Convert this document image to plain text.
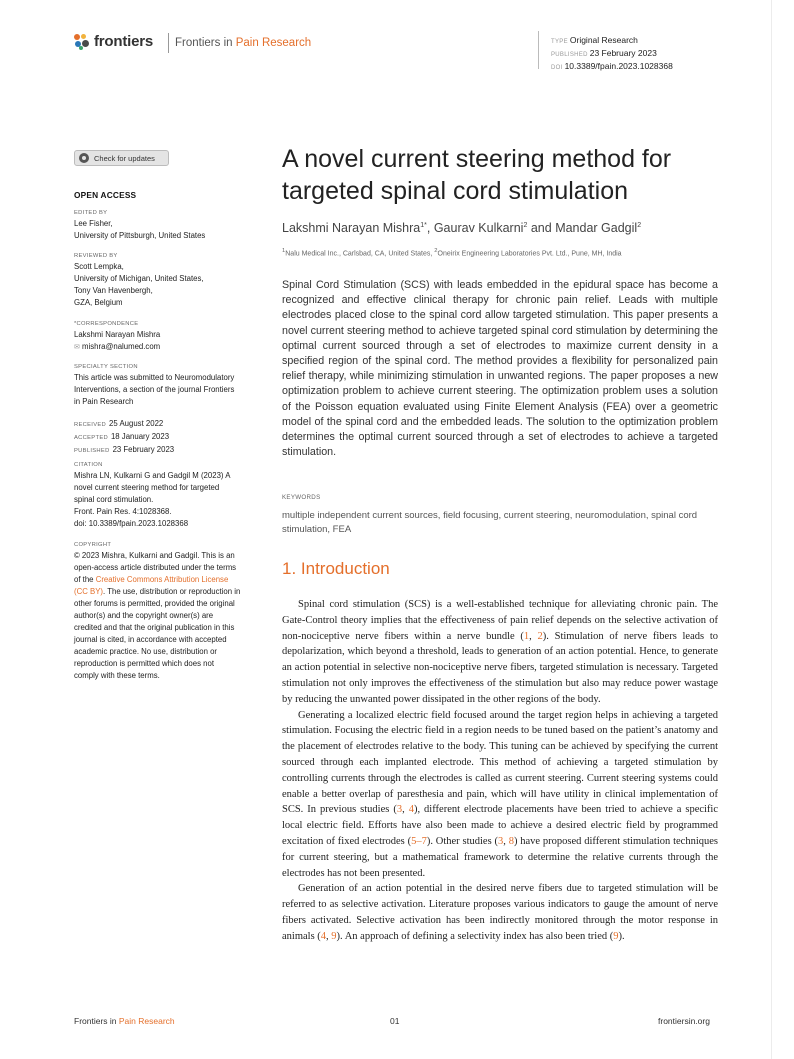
frontiers Frontiers in Pain Research	TYPE Original Research
PUBLISHED 23 February 2023
DOI 10.3389/fpain.2023.1028368
Check for updates
OPEN ACCESS
EDITED BY
Lee Fisher,
University of Pittsburgh, United States
REVIEWED BY
Scott Lempka,
University of Michigan, United States,
Tony Van Havenbergh,
GZA, Belgium
*CORRESPONDENCE
Lakshmi Narayan Mishra
✉ mishra@nalumed.com
SPECIALTY SECTION
This article was submitted to Neuromodulatory
Interventions, a section of the journal Frontiers
in Pain Research
RECEIVED 25 August 2022
ACCEPTED 18 January 2023
PUBLISHED 23 February 2023
CITATION
Mishra LN, Kulkarni G and Gadgil M (2023) A
novel current steering method for targeted
spinal cord stimulation.
Front. Pain Res. 4:1028368.
doi: 10.3389/fpain.2023.1028368
COPYRIGHT
© 2023 Mishra, Kulkarni and Gadgil. This is an
open-access article distributed under the terms
of the Creative Commons Attribution License
(CC BY). The use, distribution or reproduction in
other forums is permitted, provided the original
author(s) and the copyright owner(s) are
credited and that the original publication in this
journal is cited, in accordance with accepted
academic practice. No use, distribution or
reproduction is permitted which does not
comply with these terms.
A novel current steering method for
targeted spinal cord stimulation
Lakshmi Narayan Mishra$^{1*}$, Gaurav Kulkarni$^2$ and Mandar Gadgil$^2$
$^1$Nalu Medical Inc., Carlsbad, CA, United States, $^2$Oneirix Engineering Laboratories Pvt. Ltd., Pune, MH, India
Spinal Cord Stimulation (SCS) with leads embedded in the epidural space has become a recognized and effective clinical therapy for chronic pain relief. Leads with multiple electrodes placed close to the spinal cord allow targeted stimulation. This paper presents a novel current steering method to achieve targeted spinal cord stimulation by determining the optimal current sourced through a set of electrodes to maximize current density in a specified region of the spinal cord. The method provides a flexibility for personalized pain relief therapy, while minimizing stimulation in unwanted regions. The paper proposes a new optimization problem to achieve current steering. The optimization problem uses a solution of the Poisson equation evaluated using Finite Element Analysis (FEA) over a geometric model of the spinal cord and the embedded leads. The solution to the optimization problem determines the optimal current sourced through a set of electrodes to achieve a targeted stimulation.
KEYWORDS
multiple independent current sources, field focusing, current steering, neuromodulation, spinal cord stimulation, FEA
1. Introduction

Spinal cord stimulation (SCS) is a well-established technique for alleviating chronic pain. The Gate-Control theory implies that the effectiveness of pain relief depends on the selective activation of non-nociceptive nerve fibers within a nerve bundle (1, 2). Stimulation of nerve fibers leads to depolarization, which beyond a threshold, leads to generation of an action potential. Hence, to generate an action potential in selective non-nociceptive nerve fibers, targeted stimulation is necessary. Targeted stimulation not only improves the effectiveness of the stimulation but also may reduce power wastage by reducing the unwanted power dissipated in the other regions of the body.

Generating a localized electric field focused around the target region helps in achieving a targeted stimulation. Focusing the electric field in a region needs to be tuned based on the patient’s anatomy and the placement of electrodes relative to the body. This tuning can be achieved by specifying the current sourced through each implanted electrode. This method of achieving a targeted stimulation by controlling currents through the electrodes is called as current steering. Current steering systems could enable a better overlap of paresthesia and pain, which will have utility in clinical implementation of SCS. In previous studies (3, 4), different electrode placements have been tried to achieve a specific local electric field. Efforts have also been made to achieve a desired electric field by programmed excitation of fixed electrodes (5–7). Other studies (3, 8) have proposed different stimulation techniques for current steering, but a mathematical framework to determine the relative currents through the electrodes has not been presented.

Generation of an action potential in the desired nerve fibers due to targeted stimulation will be referred to as selective activation. Literature proposes various indicators to gauge the amount of nerve fibers activated. Selective activation has been indirectly monitored through the motor response in animals (4, 9). An approach of defining a selectivity index has also been tried (9).

Frontiers in Pain Research	01	frontiersin.org
